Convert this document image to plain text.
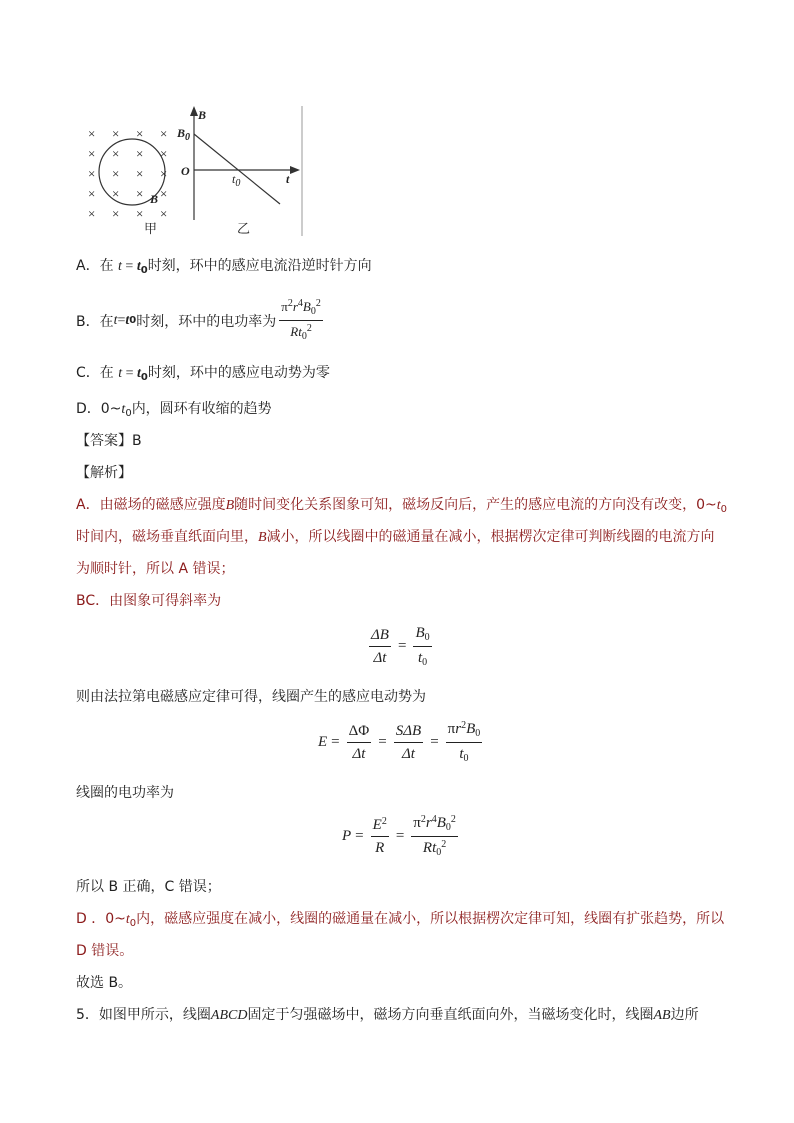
× × × ×
× × × ×
× × × ×
× × × ×
× × × ×
B
B
$B_0$
O
$t_0$	t
甲	乙
A．在 $t = t_0$时刻，环中的感应电流沿逆时针方向
B．在 t = t 0 时刻，环中的电功率为 $\frac{\pi^2r^4B_0^2}{Rt_0^2}$
C．在 $t = t_0$时刻，环中的感应电动势为零
D．$0\sim t_0$内，圆环有收缩的趋势
【答案】B
【解析】
A．由磁场的磁感应强度B随时间变化关系图象可知，磁场反向后，产生的感应电流的方向没有改变，$0\sim t_0$
时间内，磁场垂直纸面向里，B减小，所以线圈中的磁通量在减小，根据楞次定律可判断线圈的电流方向
为顺时针，所以 A 错误；
BC．由图象可得斜率为
$\frac{\Delta B}{\Delta t} = \frac{B_0}{t_0}$
则由法拉第电磁感应定律可得，线圈产生的感应电动势为
$E = \frac{\Delta\Phi}{\Delta t} = \frac{\text{SΔB}}{\Delta t} = \frac{\pi r^2B_0}{t_0}$
线圈的电功率为
$P = \frac{E^2}{R} = \frac{\pi^2r^4B_0^2}{Rt_0^2}$
所以 B 正确，C 错误；
D ．$0\sim t_0$内，磁感应强度在减小，线圈的磁通量在减小，所以根据楞次定律可知，线圈有扩张趋势，所以
D 错误。
故选 B。
5．如图甲所示，线圈ABCD固定于匀强磁场中，磁场方向垂直纸面向外，当磁场变化时，线圈AB边所
